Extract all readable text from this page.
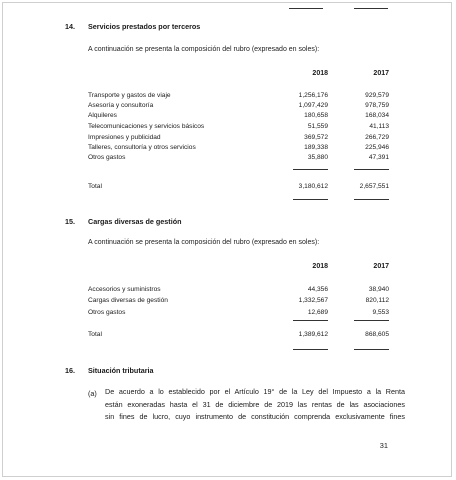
14. Servicios prestados por terceros
A continuación se presenta la composición del rubro (expresado en soles):
2018	2017
Transporte y gastos de viaje	1,256,176	929,579
Asesoría y consultoría	1,097,429	978,759
Alquileres	180,658	168,034
Telecomunicaciones y servicios básicos	51,559	41,113
Impresiones y publicidad	369,572	266,729
Talleres, consultoría y otros servicios	189,338	225,946
Otros gastos	35,880	47,391
Total	3,180,612	2,657,551
15. Cargas diversas de gestión
A continuación se presenta la composición del rubro (expresado en soles):
2018	2017
Accesorios y suministros	44,356	38,940
Cargas diversas de gestión	1,332,567	820,112
Otros gastos	12,689	9,553
Total	1,389,612	868,605
16. Situación tributaria
(a) De acuerdo a lo establecido por el Artículo 19° de la Ley del Impuesto a la Renta
están exoneradas hasta el 31 de diciembre de 2019 las rentas de las asociaciones
sin fines de lucro, cuyo instrumento de constitución comprenda exclusivamente fines
31
